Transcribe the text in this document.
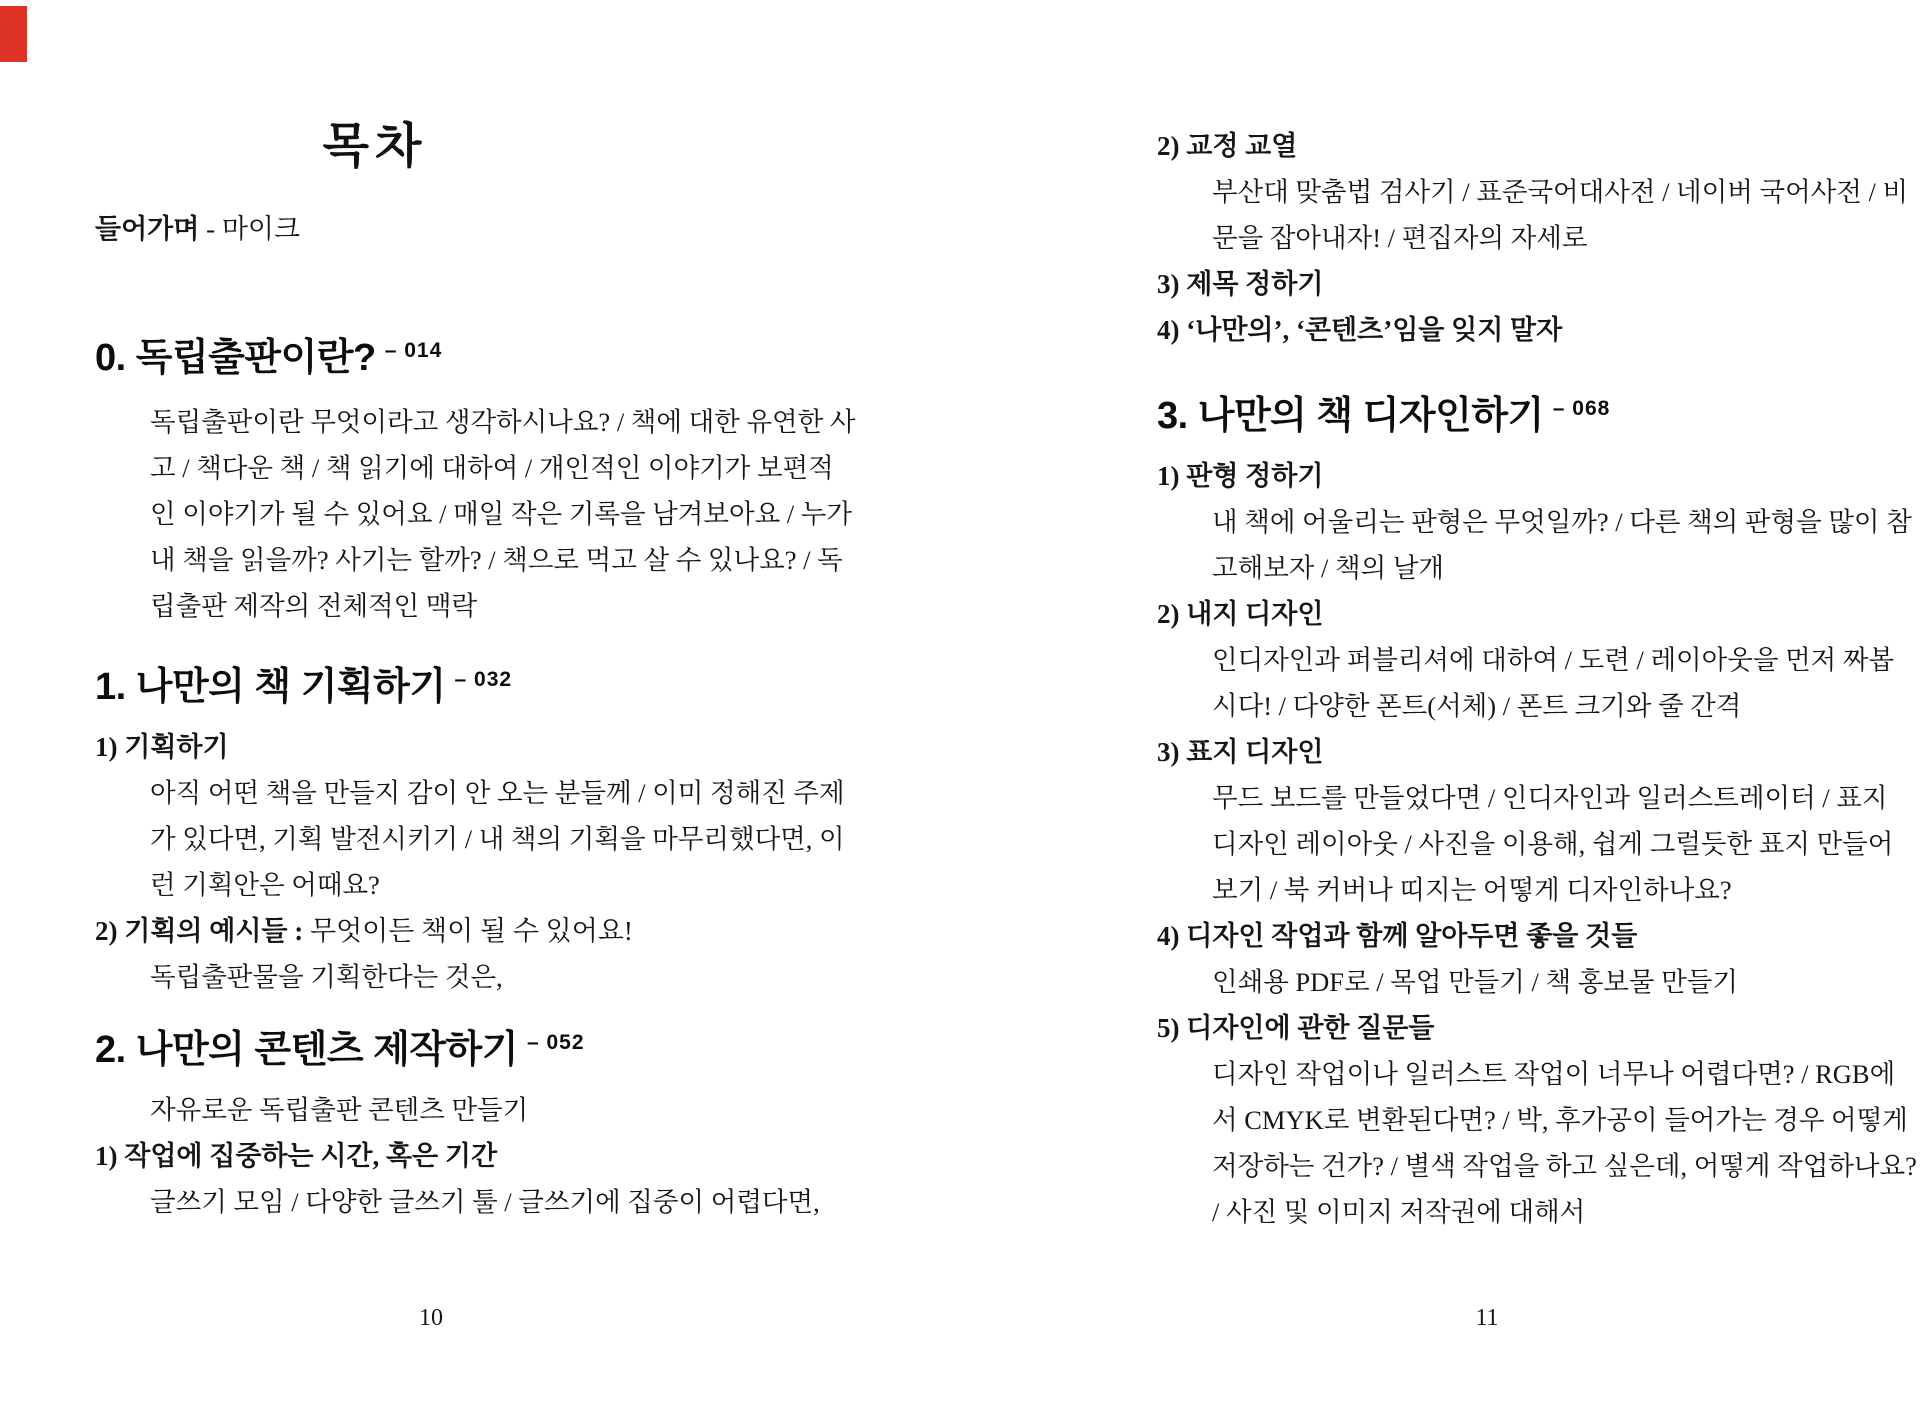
목차

들어가며 - 마이크

0. 독립출판이란? $^{- 014}$

독립출판이란 무엇이라고 생각하시나요? / 책에 대한 유연한 사

고 / 책다운 책 / 책 읽기에 대하여 / 개인적인 이야기가 보편적

인 이야기가 될 수 있어요 / 매일 작은 기록을 남겨보아요 / 누가

내 책을 읽을까? 사기는 할까? / 책으로 먹고 살 수 있나요? / 독

립출판 제작의 전체적인 맥락

1. 나만의 책 기획하기 $^{- 032}$

1) 기획하기

아직 어떤 책을 만들지 감이 안 오는 분들께 / 이미 정해진 주제

가 있다면, 기획 발전시키기 / 내 책의 기획을 마무리했다면, 이

런 기획안은 어때요?

2) 기획의 예시들 : 무엇이든 책이 될 수 있어요!

독립출판물을 기획한다는 것은,

2. 나만의 콘텐츠 제작하기 $^{- 052}$

자유로운 독립출판 콘텐츠 만들기

1) 작업에 집중하는 시간, 혹은 기간

글쓰기 모임 / 다양한 글쓰기 툴 / 글쓰기에 집중이 어렵다면,

2) 교정 교열

부산대 맞춤법 검사기 / 표준국어대사전 / 네이버 국어사전 / 비

문을 잡아내자! / 편집자의 자세로

3) 제목 정하기

4) ‘나만의’, ‘콘텐츠’임을 잊지 말자

3. 나만의 책 디자인하기 $^{- 068}$

1) 판형 정하기

내 책에 어울리는 판형은 무엇일까? / 다른 책의 판형을 많이 참

고해보자 / 책의 날개

2) 내지 디자인

인디자인과 퍼블리셔에 대하여 / 도련 / 레이아웃을 먼저 짜봅

시다! / 다양한 폰트(서체) / 폰트 크기와 줄 간격

3) 표지 디자인

무드 보드를 만들었다면 / 인디자인과 일러스트레이터 / 표지

디자인 레이아웃 / 사진을 이용해, 쉽게 그럴듯한 표지 만들어

보기 / 북 커버나 띠지는 어떻게 디자인하나요?

4) 디자인 작업과 함께 알아두면 좋을 것들

인쇄용 PDF로 / 목업 만들기 / 책 홍보물 만들기

5) 디자인에 관한 질문들

디자인 작업이나 일러스트 작업이 너무나 어렵다면? / RGB에

서 CMYK로 변환된다면? / 박, 후가공이 들어가는 경우 어떻게

저장하는 건가? / 별색 작업을 하고 싶은데, 어떻게 작업하나요?

/ 사진 및 이미지 저작권에 대해서

10	11
